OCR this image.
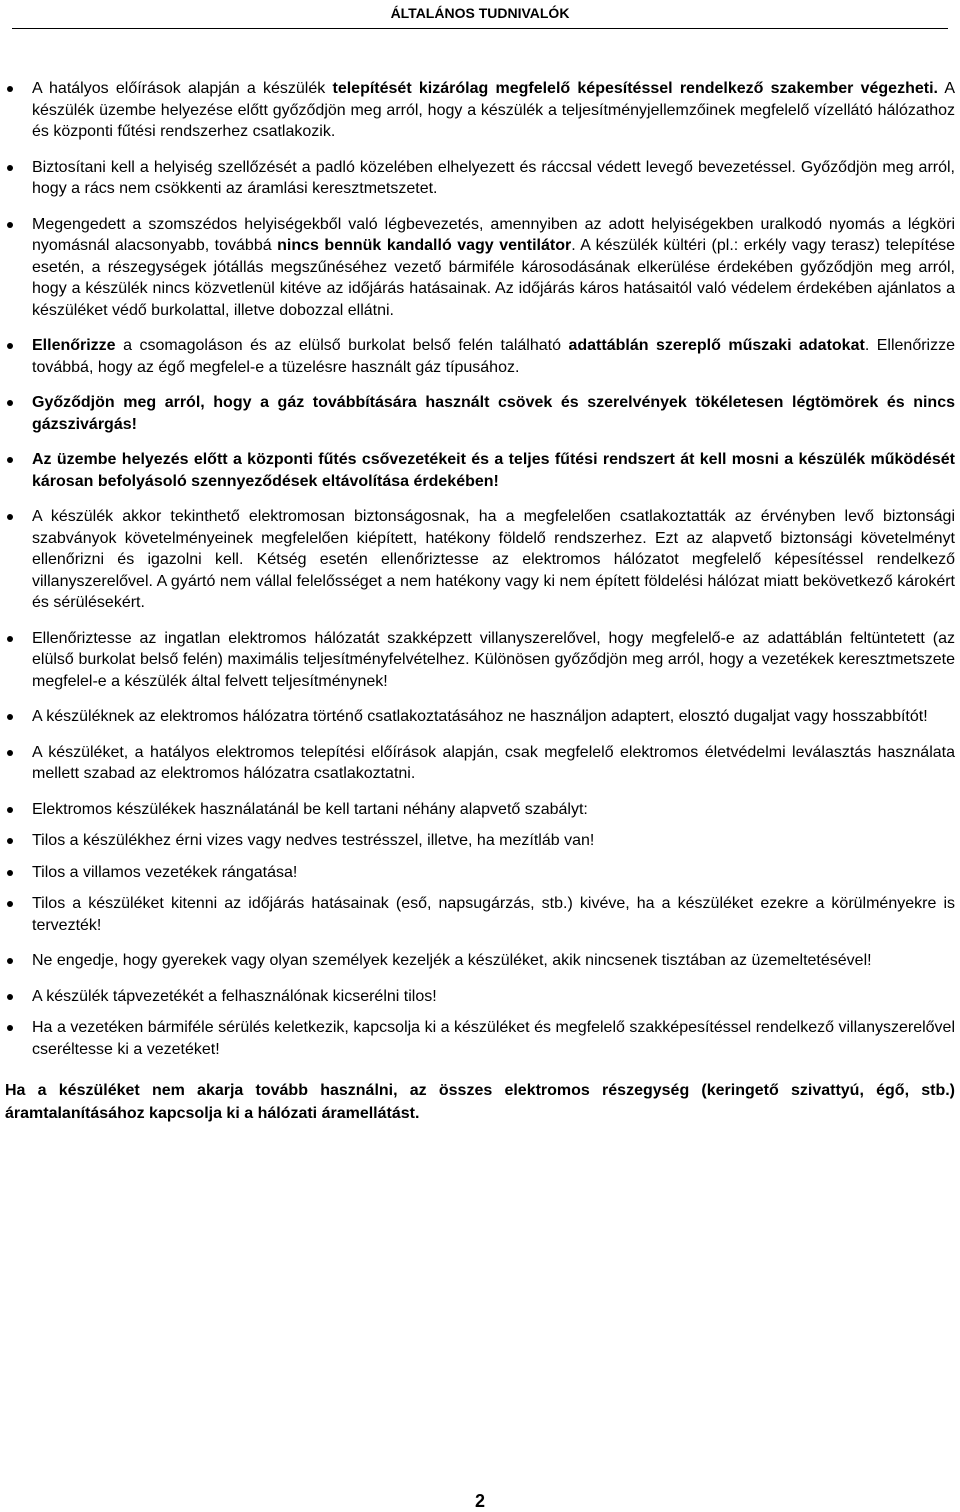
ÁLTALÁNOS TUDNIVALÓK
A hatályos előírások alapján a készülék telepítését kizárólag megfelelő képesítéssel rendelkező szakember végezheti. A készülék üzembe helyezése előtt győződjön meg arról, hogy a készülék a teljesítményjellemzőinek megfelelő vízellátó hálózathoz és központi fűtési rendszerhez csatlakozik.
Biztosítani kell a helyiség szellőzését a padló közelében elhelyezett és ráccsal védett levegő bevezetéssel. Győződjön meg arról, hogy a rács nem csökkenti az áramlási keresztmetszetet.
Megengedett a szomszédos helyiségekből való légbevezetés, amennyiben az adott helyiségekben uralkodó nyomás a légköri nyomásnál alacsonyabb, továbbá nincs bennük kandalló vagy ventilátor. A készülék kültéri (pl.: erkély vagy terasz) telepítése esetén, a részegységek jótállás megszűnéséhez vezető bármiféle károsodásának elkerülése érdekében győződjön meg arról, hogy a készülék nincs közvetlenül kitéve az időjárás hatásainak. Az időjárás káros hatásaitól való védelem érdekében ajánlatos a készüléket védő burkolattal, illetve dobozzal ellátni.
Ellenőrizze a csomagoláson és az elülső burkolat belső felén található adattáblán szereplő műszaki adatokat. Ellenőrizze továbbá, hogy az égő megfelel-e a tüzelésre használt gáz típusához.
Győződjön meg arról, hogy a gáz továbbítására használt csövek és szerelvények tökéletesen légtömörek és nincs gázszivárgás!
Az üzembe helyezés előtt a központi fűtés csővezetékeit és a teljes fűtési rendszert át kell mosni a készülék működését károsan befolyásoló szennyeződések eltávolítása érdekében!
A készülék akkor tekinthető elektromosan biztonságosnak, ha a megfelelően csatlakoztatták az érvényben levő biztonsági szabványok követelményeinek megfelelően kiépített, hatékony földelő rendszerhez. Ezt az alapvető biztonsági követelményt ellenőrizni és igazolni kell. Kétség esetén ellenőriztesse az elektromos hálózatot megfelelő képesítéssel rendelkező villanyszerelővel. A gyártó nem vállal felelősséget a nem hatékony vagy ki nem épített földelési hálózat miatt bekövetkező károkért és sérülésekért.
Ellenőriztesse az ingatlan elektromos hálózatát szakképzett villanyszerelővel, hogy megfelelő-e az adattáblán feltüntetett (az elülső burkolat belső felén) maximális teljesítményfelvételhez. Különösen győződjön meg arról, hogy a vezetékek keresztmetszete megfelel-e a készülék által felvett teljesítménynek!
A készüléknek az elektromos hálózatra történő csatlakoztatásához ne használjon adaptert, elosztó dugaljat vagy hosszabbítót!
A készüléket, a hatályos elektromos telepítési előírások alapján, csak megfelelő elektromos életvédelmi leválasztás használata mellett szabad az elektromos hálózatra csatlakoztatni.
Elektromos készülékek használatánál be kell tartani néhány alapvető szabályt:
Tilos a készülékhez érni vizes vagy nedves testrésszel, illetve, ha mezítláb van!
Tilos a villamos vezetékek rángatása!
Tilos a készüléket kitenni az időjárás hatásainak (eső, napsugárzás, stb.) kivéve, ha a készüléket ezekre a körülményekre is tervezték!
Ne engedje, hogy gyerekek vagy olyan személyek kezeljék a készüléket, akik nincsenek tisztában az üzemeltetésével!
A készülék tápvezetékét a felhasználónak kicserélni tilos!
Ha a vezetéken bármiféle sérülés keletkezik, kapcsolja ki a készüléket és megfelelő szakképesítéssel rendelkező villanyszerelővel cseréltesse ki a vezetéket!
Ha a készüléket nem akarja tovább használni, az összes elektromos részegység (keringető szivattyú, égő, stb.) áramtalanításához kapcsolja ki a hálózati áramellátást.
2
